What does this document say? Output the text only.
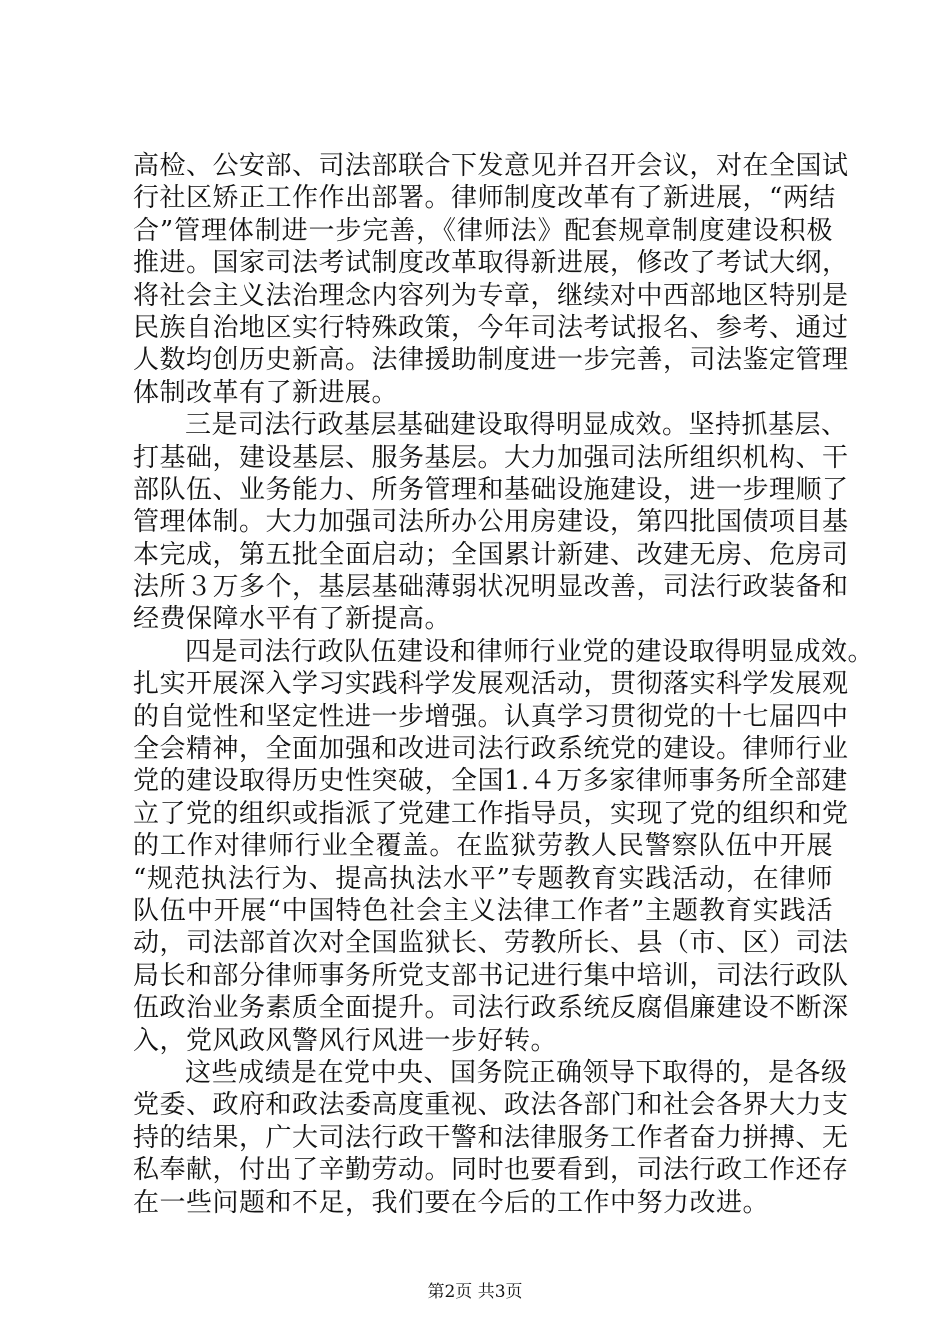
高检、公安部、司法部联合下发意见并召开会议，对在全国试
行社区矫正工作作出部署。律师制度改革有了新进展，“两结
合”管理体制进一步完善，《律师法》配套规章制度建设积极
推进。国家司法考试制度改革取得新进展，修改了考试大纲，
将社会主义法治理念内容列为专章，继续对中西部地区特别是
民族自治地区实行特殊政策，今年司法考试报名、参考、通过
人数均创历史新高。法律援助制度进一步完善，司法鉴定管理
体制改革有了新进展。
三是司法行政基层基础建设取得明显成效。坚持抓基层、
打基础，建设基层、服务基层。大力加强司法所组织机构、干
部队伍、业务能力、所务管理和基础设施建设，进一步理顺了
管理体制。大力加强司法所办公用房建设，第四批国债项目基
本完成，第五批全面启动；全国累计新建、改建无房、危房司
法所３万多个，基层基础薄弱状况明显改善，司法行政装备和
经费保障水平有了新提高。
四是司法行政队伍建设和律师行业党的建设取得明显成效。
扎实开展深入学习实践科学发展观活动，贯彻落实科学发展观
的自觉性和坚定性进一步增强。认真学习贯彻党的十七届四中
全会精神，全面加强和改进司法行政系统党的建设。律师行业
党的建设取得历史性突破，全国1.４万多家律师事务所全部建
立了党的组织或指派了党建工作指导员，实现了党的组织和党
的工作对律师行业全覆盖。在监狱劳教人民警察队伍中开展
“规范执法行为、提高执法水平”专题教育实践活动，在律师
队伍中开展“中国特色社会主义法律工作者”主题教育实践活
动，司法部首次对全国监狱长、劳教所长、县（市、区）司法
局长和部分律师事务所党支部书记进行集中培训，司法行政队
伍政治业务素质全面提升。司法行政系统反腐倡廉建设不断深
入，党风政风警风行风进一步好转。
这些成绩是在党中央、国务院正确领导下取得的，是各级
党委、政府和政法委高度重视、政法各部门和社会各界大力支
持的结果，广大司法行政干警和法律服务工作者奋力拼搏、无
私奉献，付出了辛勤劳动。同时也要看到，司法行政工作还存
在一些问题和不足，我们要在今后的工作中努力改进。
第2页 共3页
